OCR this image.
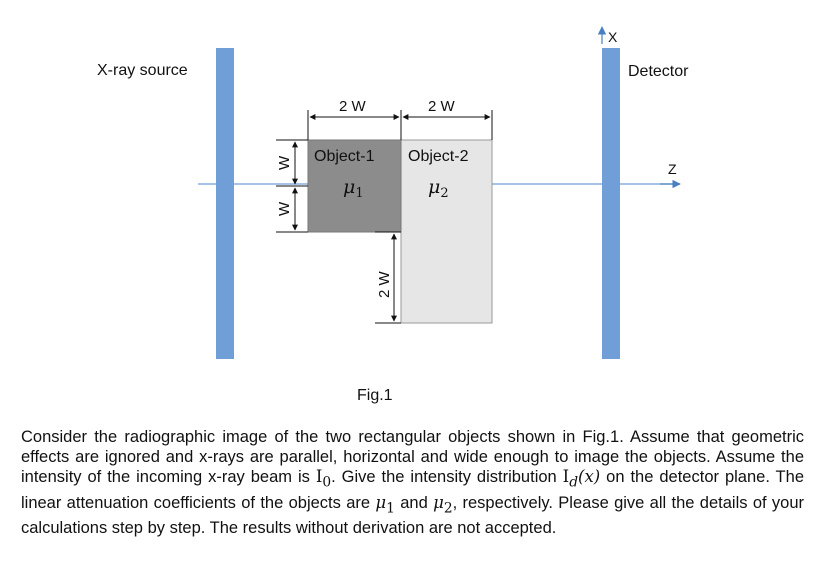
X-ray source	Detector
X
Z
Object-1 Object-2
$\mu_1$	$\mu_2$
2 W	2 W
W
W
2 W
Fig.1

Consider the radiographic image of the two rectangular objects shown in Fig.1. Assume that geometric effects are ignored and x-rays are parallel, horizontal and wide enough to image the objects. Assume the intensity of the incoming x-ray beam is $I_0$. Give the intensity distribution $I_d(x)$ on the detector plane. The linear attenuation coefficients of the objects are $\mu_1$ and $\mu_2$, respectively. Please give all the details of your calculations step by step. The results without derivation are not accepted.
